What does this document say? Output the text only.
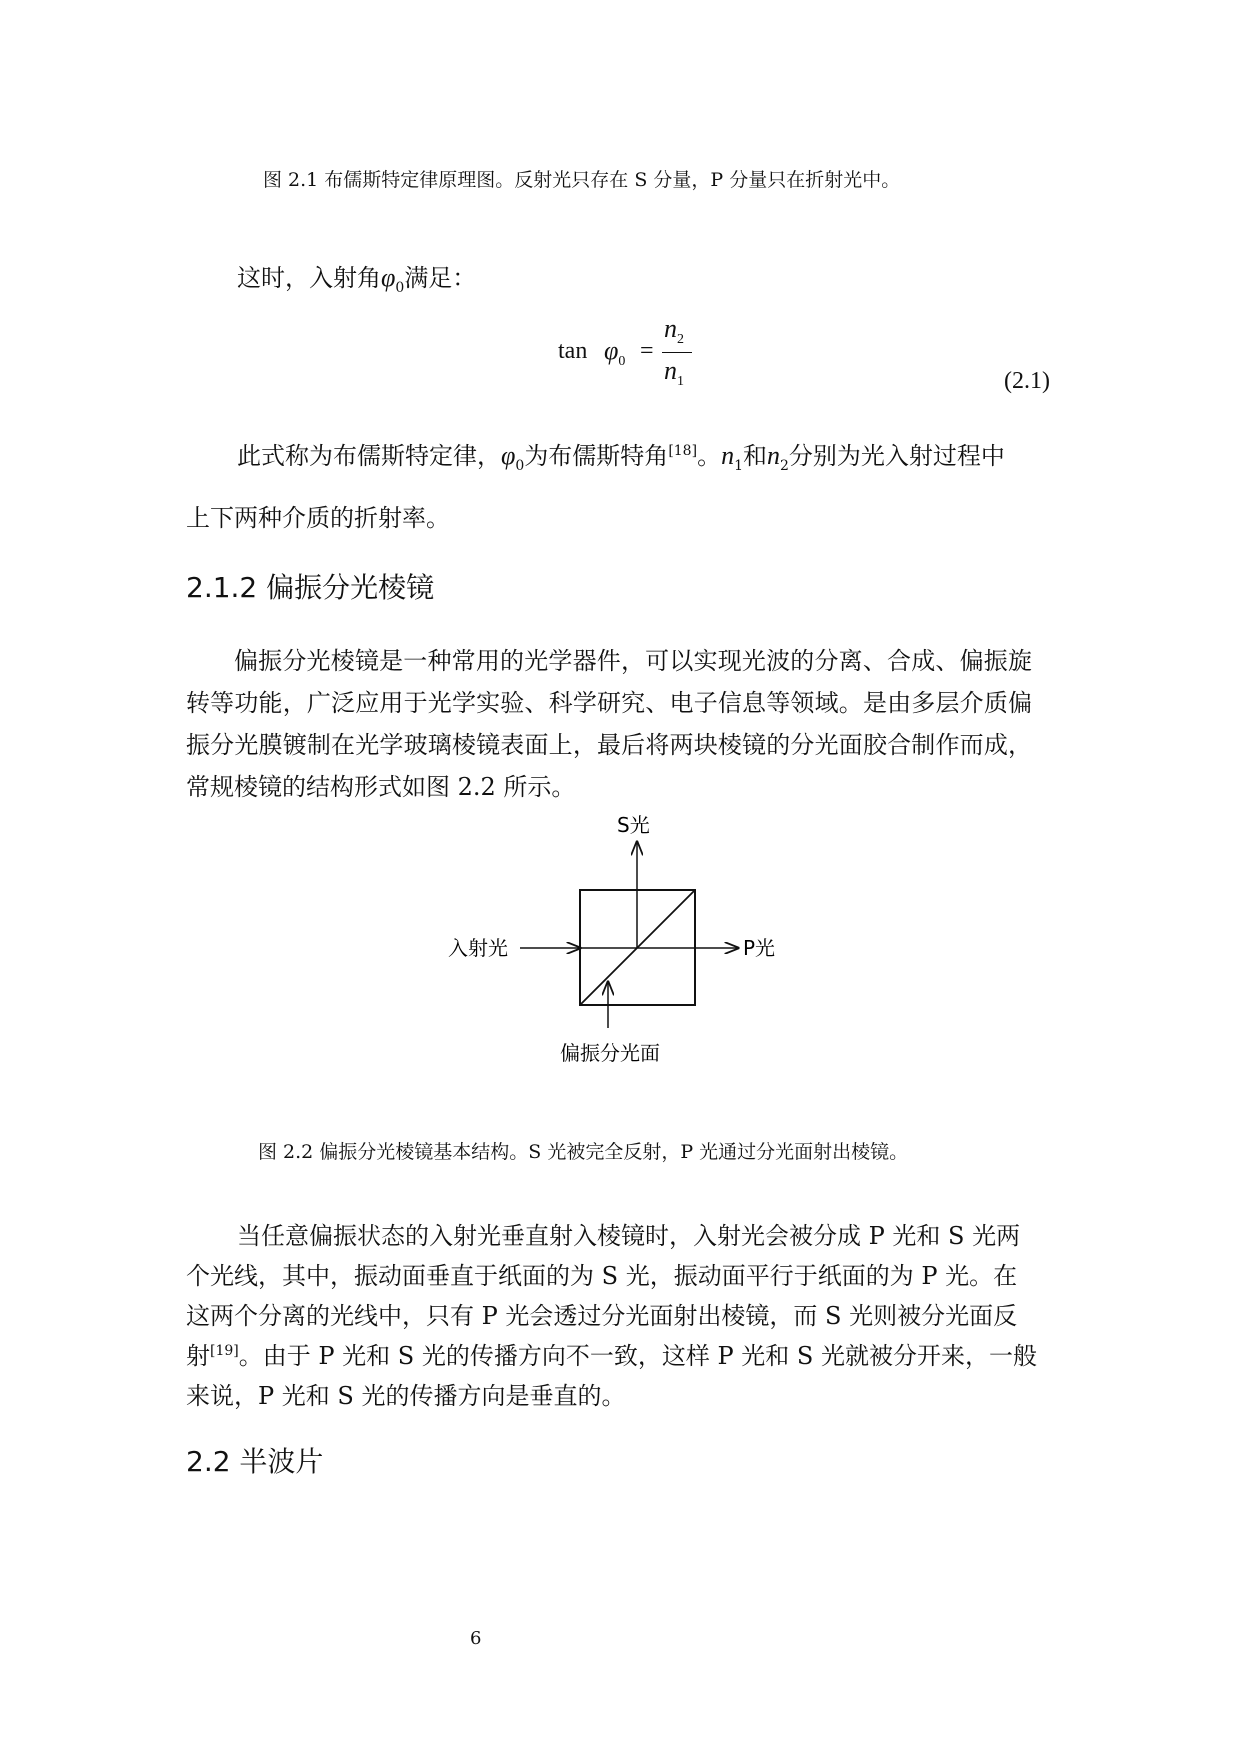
图 2.1 布儒斯特定律原理图。反射光只存在 S 分量，P 分量只在折射光中。
这时，入射角$\varphi_0$满足：
$\tan \varphi_0$ =
$n_2$
$n_1$	(2.1)
此式称为布儒斯特定律，$\varphi_0$为布儒斯特角[18]。$n_1$和$n_2$分别为光入射过程中
上下两种介质的折射率。
2.1.2 偏振分光棱镜
偏振分光棱镜是一种常用的光学器件，可以实现光波的分离、合成、偏振旋转等功能，广泛应用于光学实验、科学研究、电子信息等领域。是由多层介质偏振分光膜镀制在光学玻璃棱镜表面上，最后将两块棱镜的分光面胶合制作而成，常规棱镜的结构形式如图 2.2 所示。
S光
P光
入射光
偏振分光面
图 2.2 偏振分光棱镜基本结构。S 光被完全反射，P 光通过分光面射出棱镜。
当任意偏振状态的入射光垂直射入棱镜时，入射光会被分成 P 光和 S 光两
个光线，其中，振动面垂直于纸面的为 S 光，振动面平行于纸面的为 P 光。在
这两个分离的光线中，只有 P 光会透过分光面射出棱镜，而 S 光则被分光面反
射[19]。由于 P 光和 S 光的传播方向不一致，这样 P 光和 S 光就被分开来，一般
来说，P 光和 S 光的传播方向是垂直的。
2.2 半波片
6
